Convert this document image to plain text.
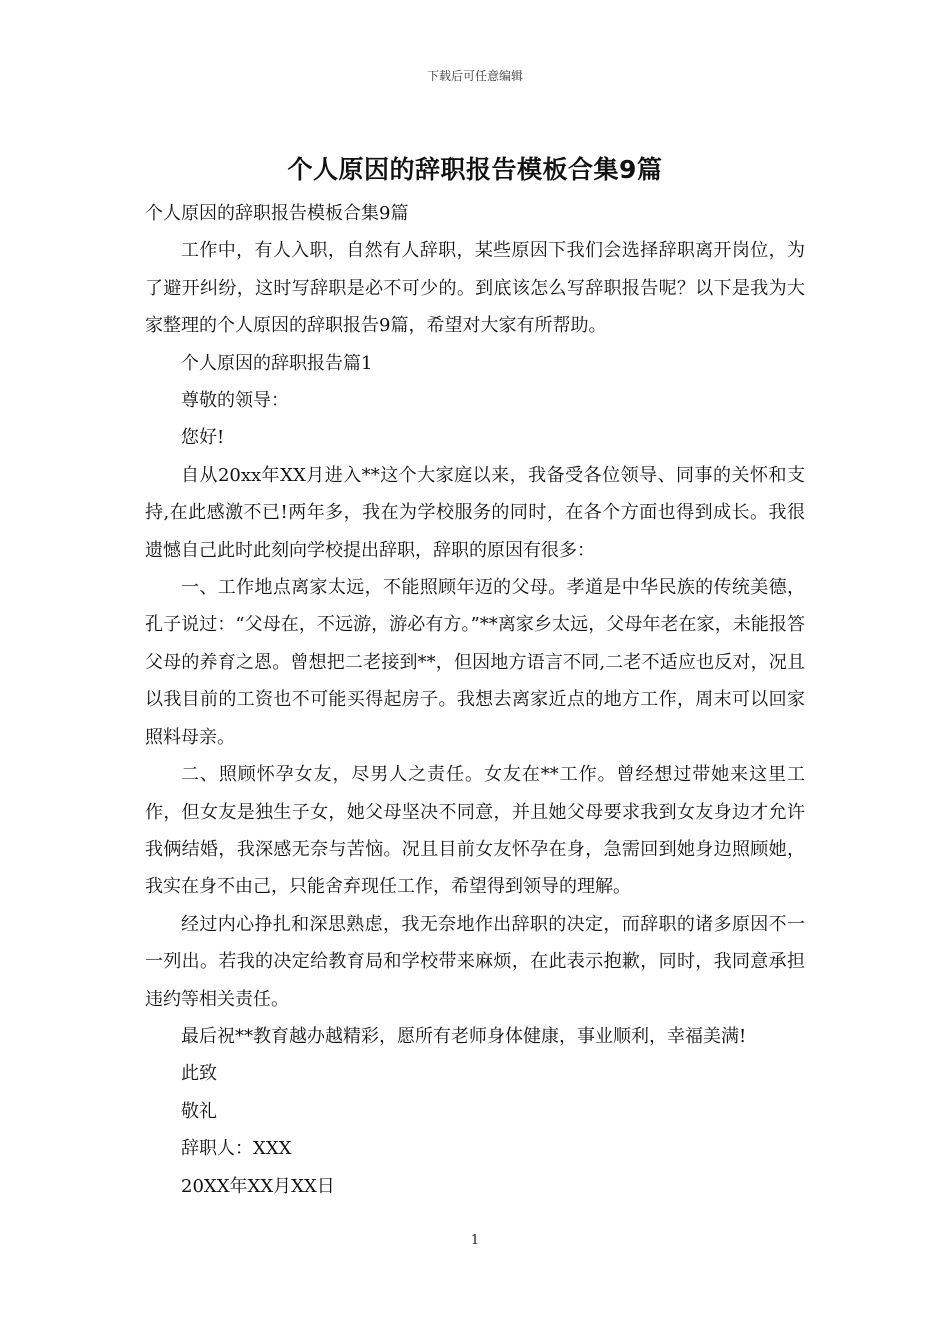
下载后可任意编辑
个人原因的辞职报告模板合集9篇

个人原因的辞职报告模板合集9篇

工作中，有人入职，自然有人辞职，某些原因下我们会选择辞职离开岗位，为了避开纠纷，这时写辞职是必不可少的。到底该怎么写辞职报告呢？以下是我为大家整理的个人原因的辞职报告9篇，希望对大家有所帮助。

个人原因的辞职报告篇1

尊敬的领导：

您好!

自从20xx年XX月进入**这个大家庭以来，我备受各位领导、同事的关怀和支持,在此感激不已!两年多，我在为学校服务的同时，在各个方面也得到成长。我很遗憾自己此时此刻向学校提出辞职，辞职的原因有很多：

一、工作地点离家太远，不能照顾年迈的父母。孝道是中华民族的传统美德，孔子说过：“父母在，不远游，游必有方。”**离家乡太远，父母年老在家，未能报答父母的养育之恩。曾想把二老接到**，但因地方语言不同,二老不适应也反对，况且以我目前的工资也不可能买得起房子。我想去离家近点的地方工作，周末可以回家照料母亲。

二、照顾怀孕女友，尽男人之责任。女友在**工作。曾经想过带她来这里工作，但女友是独生子女，她父母坚决不同意，并且她父母要求我到女友身边才允许我俩结婚，我深感无奈与苦恼。况且目前女友怀孕在身，急需回到她身边照顾她，我实在身不由己，只能舍弃现任工作，希望得到领导的理解。

经过内心挣扎和深思熟虑，我无奈地作出辞职的决定，而辞职的诸多原因不一一列出。若我的决定给教育局和学校带来麻烦，在此表示抱歉，同时，我同意承担违约等相关责任。

最后祝**教育越办越精彩，愿所有老师身体健康，事业顺利，幸福美满!

此致

敬礼

辞职人：XXX

20XX年XX月XX日

1
